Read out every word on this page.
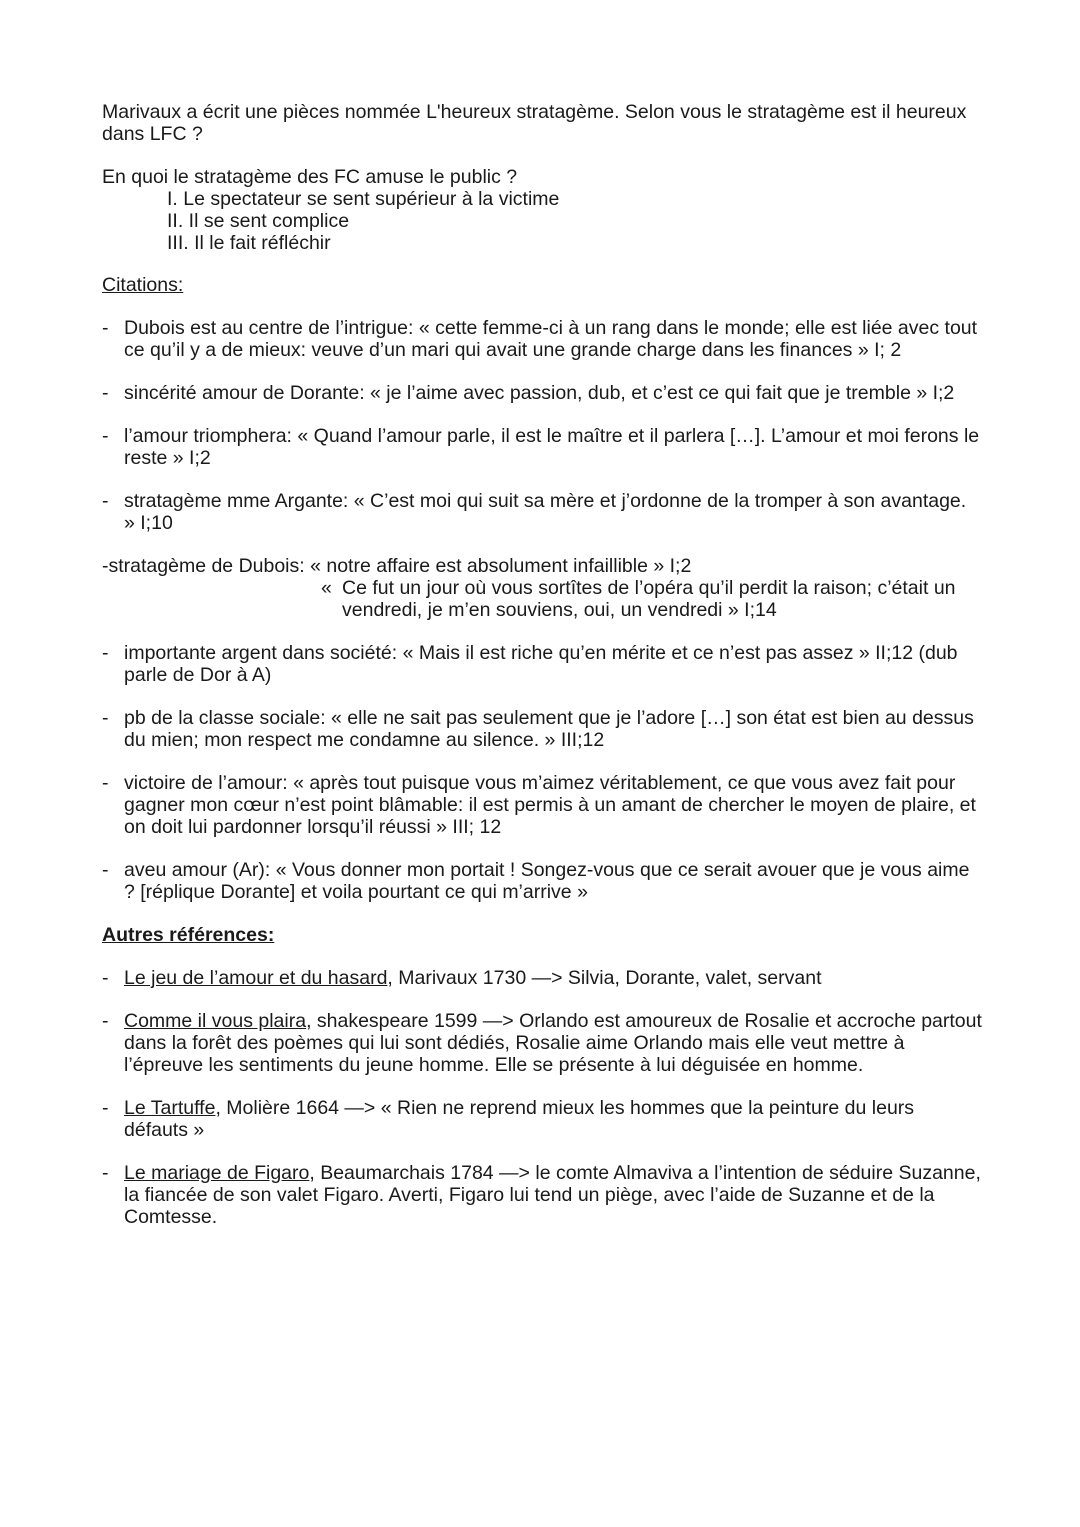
Marivaux a écrit une pièces nommée L'heureux stratagème. Selon vous le stratagème est il heureux dans LFC ?

En quoi le stratagème des FC amuse le public ?

I. Le spectateur se sent supérieur à la victime

II. Il se sent complice

III. Il le fait réfléchir

Citations:

- Dubois est au centre de l’intrigue: « cette femme-ci à un rang dans le monde; elle est liée avec tout ce qu’il y a de mieux: veuve d’un mari qui avait une grande charge dans les finances » I; 2
- sincérité amour de Dorante: « je l’aime avec passion, dub, et c’est ce qui fait que je tremble » I;2
- l’amour triomphera: « Quand l’amour parle, il est le maître et il parlera […]. L’amour et moi ferons le reste » I;2
- stratagème mme Argante: « C’est moi qui suit sa mère et j’ordonne de la tromper à son avantage. » I;10

-stratagème de Dubois: « notre affaire est absolument infaillible » I;2

« Ce fut un jour où vous sortîtes de l’opéra qu’il perdit la raison; c’était un vendredi, je m’en souviens, oui, un vendredi » I;14
- importante argent dans société: « Mais il est riche qu’en mérite et ce n’est pas assez » II;12 (dub parle de Dor à A)
- pb de la classe sociale: « elle ne sait pas seulement que je l’adore […] son état est bien au dessus du mien; mon respect me condamne au silence. » III;12
- victoire de l’amour: « après tout puisque vous m’aimez véritablement, ce que vous avez fait pour gagner mon cœur n’est point blâmable: il est permis à un amant de chercher le moyen de plaire, et on doit lui pardonner lorsqu’il réussi » III; 12
- aveu amour (Ar): « Vous donner mon portait ! Songez-vous que ce serait avouer que je vous aime ? [réplique Dorante] et voila pourtant ce qui m’arrive »

Autres références:

- Le jeu de l’amour et du hasard, Marivaux 1730 —> Silvia, Dorante, valet, servant
- Comme il vous plaira, shakespeare 1599 —> Orlando est amoureux de Rosalie et accroche partout dans la forêt des poèmes qui lui sont dédiés, Rosalie aime Orlando mais elle veut mettre à l’épreuve les sentiments du jeune homme. Elle se présente à lui déguisée en homme.
- Le Tartuffe, Molière 1664 —> « Rien ne reprend mieux les hommes que la peinture du leurs défauts »
- Le mariage de Figaro, Beaumarchais 1784 —> le comte Almaviva a l’intention de séduire Suzanne, la fiancée de son valet Figaro. Averti, Figaro lui tend un piège, avec l’aide de Suzanne et de la Comtesse.
